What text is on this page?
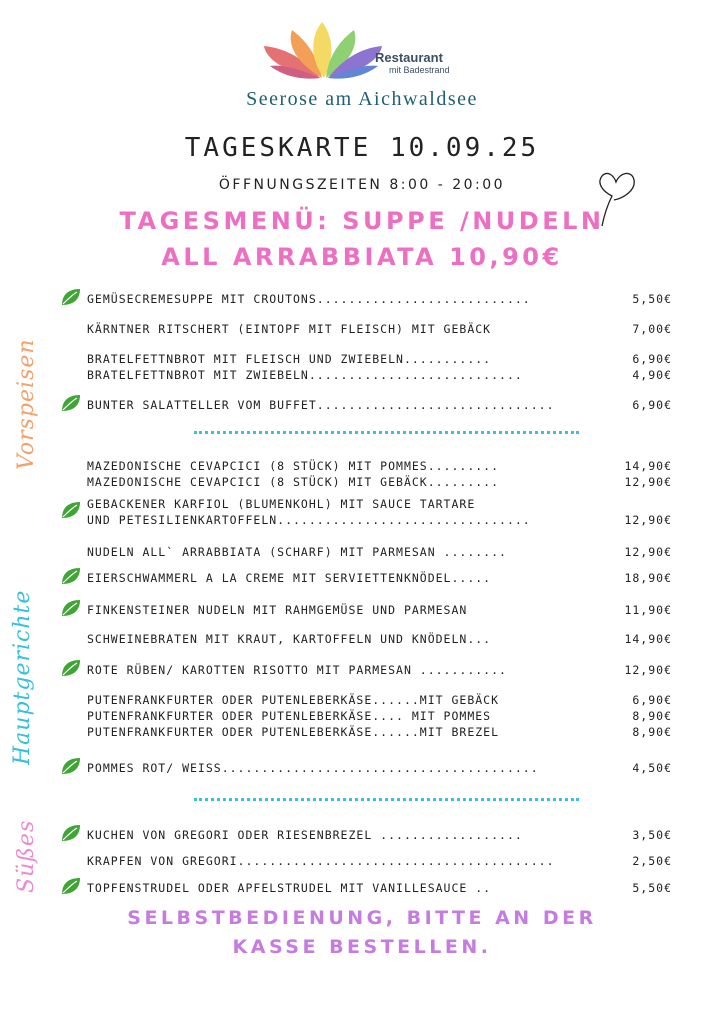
Restaurant
mit Badestrand
Seerose am Aichwaldsee
TAGESKARTE 10.09.25
ÖFFNUNGSZEITEN 8:00 - 20:00
TAGESMENÜ: SUPPE /NUDELN
ALL ARRABBIATA 10,90€
Vorspeisen
Hauptgerichte
Süßes
GEMÜSECREMESUPPE MIT CROUTONS...........................	5,50€
KÄRNTNER RITSCHERT (EINTOPF MIT FLEISCH) MIT GEBÄCK	7,00€
BRATELFETTNBROT MIT FLEISCH UND ZWIEBELN...........	6,90€
BRATELFETTNBROT MIT ZWIEBELN...........................	4,90€
BUNTER SALATTELLER VOM BUFFET..............................	6,90€
MAZEDONISCHE CEVAPCICI (8 STÜCK) MIT POMMES.........	14,90€
MAZEDONISCHE CEVAPCICI (8 STÜCK) MIT GEBÄCK.........	12,90€
GEBACKENER KARFIOL (BLUMENKOHL) MIT SAUCE TARTARE
UND PETESILIENKARTOFFELN................................	12,90€
NUDELN ALL` ARRABBIATA (SCHARF) MIT PARMESAN ........	12,90€
EIERSCHWAMMERL A LA CREME MIT SERVIETTENKNÖDEL.....	18,90€
FINKENSTEINER NUDELN MIT RAHMGEMÜSE UND PARMESAN	11,90€
SCHWEINEBRATEN MIT KRAUT, KARTOFFELN UND KNÖDELN...	14,90€
ROTE RÜBEN/ KAROTTEN RISOTTO MIT PARMESAN ...........	12,90€
PUTENFRANKFURTER ODER PUTENLEBERKÄSE......MIT GEBÄCK	6,90€
PUTENFRANKFURTER ODER PUTENLEBERKÄSE.... MIT POMMES	8,90€
PUTENFRANKFURTER ODER PUTENLEBERKÄSE......MIT BREZEL	8,90€
POMMES ROT/ WEISS........................................	4,50€
KUCHEN VON GREGORI ODER RIESENBREZEL ..................	3,50€
KRAPFEN VON GREGORI........................................	2,50€
TOPFENSTRUDEL ODER APFELSTRUDEL MIT VANILLESAUCE ..	5,50€
SELBSTBEDIENUNG, BITTE AN DER
KASSE BESTELLEN.
